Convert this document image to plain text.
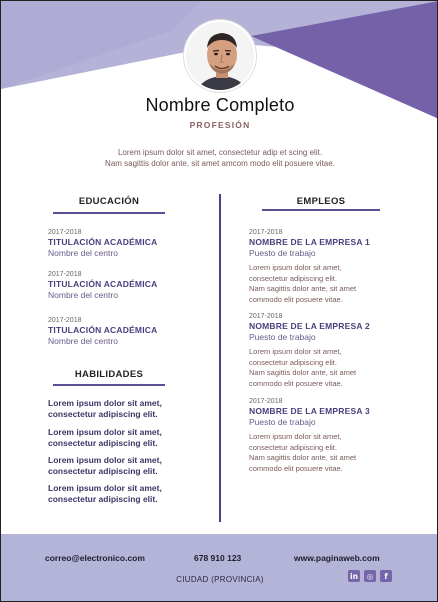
Nombre Completo
PROFESIÓN
Lorem ipsum dolor sit amet, consectetur adip et scing elit.
Nam sagittis dolor ante, sit amet amcom modo elit posuere vitae.
EDUCACIÓN
2017-2018
TITULACIÓN ACADÉMICA
Nombre del centro
2017-2018
TITULACIÓN ACADÉMICA
Nombre del centro
2017-2018
TITULACIÓN ACADÉMICA
Nombre del centro
HABILIDADES
Lorem ipsum dolor sit amet,
consectetur adipiscing elit.
Lorem ipsum dolor sit amet,
consectetur adipiscing elit.
Lorem ipsum dolor sit amet,
consectetur adipiscing elit.
Lorem ipsum dolor sit amet,
consectetur adipiscing elit.
EMPLEOS
2017-2018
NOMBRE DE LA EMPRESA 1
Puesto de trabajo
Lorem ipsum dolor sit amet,
consectetur adipiscing elit.
Nam sagittis dolor ante, sit amet
commodo elit posuere vitae.
2017-2018
NOMBRE DE LA EMPRESA 2
Puesto de trabajo
Lorem ipsum dolor sit amet,
consectetur adipiscing elit.
Nam sagittis dolor ante, sit amet
commodo elit posuere vitae.
2017-2018
NOMBRE DE LA EMPRESA 3
Puesto de trabajo
Lorem ipsum dolor sit amet,
consectetur adipiscing elit.
Nam sagittis dolor ante, sit amet
commodo elit posuere vitae.
correo@electronico.com	678 910 123	www.paginaweb.com
CIUDAD (PROVINCIA)	in	◎	f
